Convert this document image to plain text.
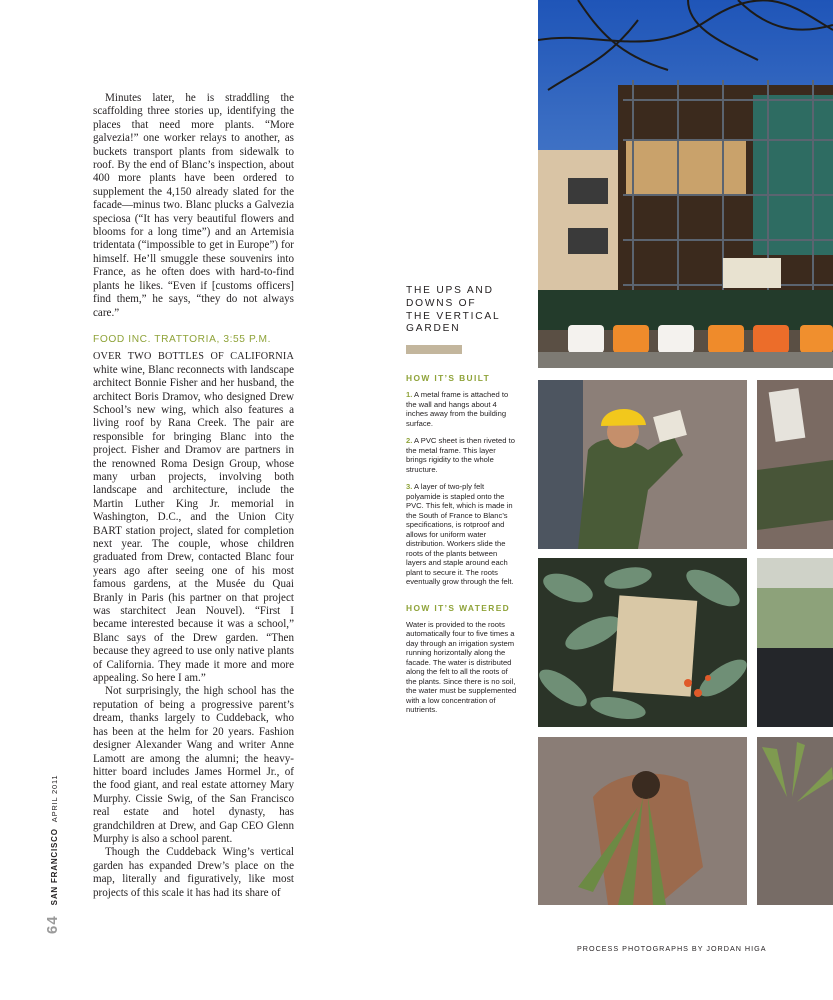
Minutes later, he is straddling the scaffolding three stories up, identifying the places that need more plants. “More galvezia!” one worker relays to another, as buckets transport plants from sidewalk to roof. By the end of Blanc’s inspection, about 400 more plants have been ordered to supplement the 4,150 already slated for the facade—minus two. Blanc plucks a Galvezia speciosa (“It has very beautiful flowers and blooms for a long time”) and an Artemisia tridentata (“impossible to get in Europe”) for himself. He’ll smuggle these souvenirs into France, as he often does with hard-to-find plants he likes. “Even if [customs officers] find them,” he says, “they do not always care.”

FOOD INC. TRATTORIA, 3:55 P.M.

OVER TWO BOTTLES OF CALIFORNIA white wine, Blanc reconnects with landscape architect Bonnie Fisher and her husband, the architect Boris Dramov, who designed Drew School’s new wing, which also features a living roof by Rana Creek. The pair are responsible for bringing Blanc into the project. Fisher and Dramov are partners in the renowned Roma Design Group, whose many urban projects, involving both landscape and architecture, include the Martin Luther King Jr. memorial in Washington, D.C., and the Union City BART station project, slated for completion next year. The couple, whose children graduated from Drew, contacted Blanc four years ago after seeing one of his most famous gardens, at the Musée du Quai Branly in Paris (his partner on that project was starchitect Jean Nouvel). “First I became interested because it was a school,” Blanc says of the Drew garden. “Then because they agreed to use only native plants of California. They made it more and more appealing. So here I am.”

Not surprisingly, the high school has the reputation of being a progressive parent’s dream, thanks largely to Cuddeback, who has been at the helm for 20 years. Fashion designer Alexander Wang and writer Anne Lamott are among the alumni; the heavy-hitter board includes James Hormel Jr., of the food giant, and real estate attorney Mary Murphy. Cissie Swig, of the San Francisco real estate and hotel dynasty, has grandchildren at Drew, and Gap CEO Glenn Murphy is also a school parent.

Though the Cuddeback Wing’s vertical garden has expanded Drew’s place on the map, literally and figuratively, like most projects of this scale it has had its share of

THE UPS AND
DOWNS OF
THE VERTICAL
GARDEN
HOW IT’S BUILT

1. A metal frame is attached to the wall and hangs about 4 inches away from the building surface.

2. A PVC sheet is then riveted to the metal frame. This layer brings rigidity to the whole structure.

3. A layer of two-ply felt polyamide is stapled onto the PVC. This felt, which is made in the South of France to Blanc’s specifications, is rotproof and allows for uniform water distribution. Workers slide the roots of the plants between layers and staple around each plant to secure it. The roots eventually grow through the felt.

HOW IT’S WATERED

Water is provided to the roots automatically four to five times a day through an irrigation system running horizontally along the facade. The water is distributed along the felt to all the roots of the plants. Since there is no soil, the water must be supplemented with a low concentration of nutrients.

64SAN FRANCISCOAPRIL 2011
PROCESS PHOTOGRAPHS BY JORDAN HIGA
